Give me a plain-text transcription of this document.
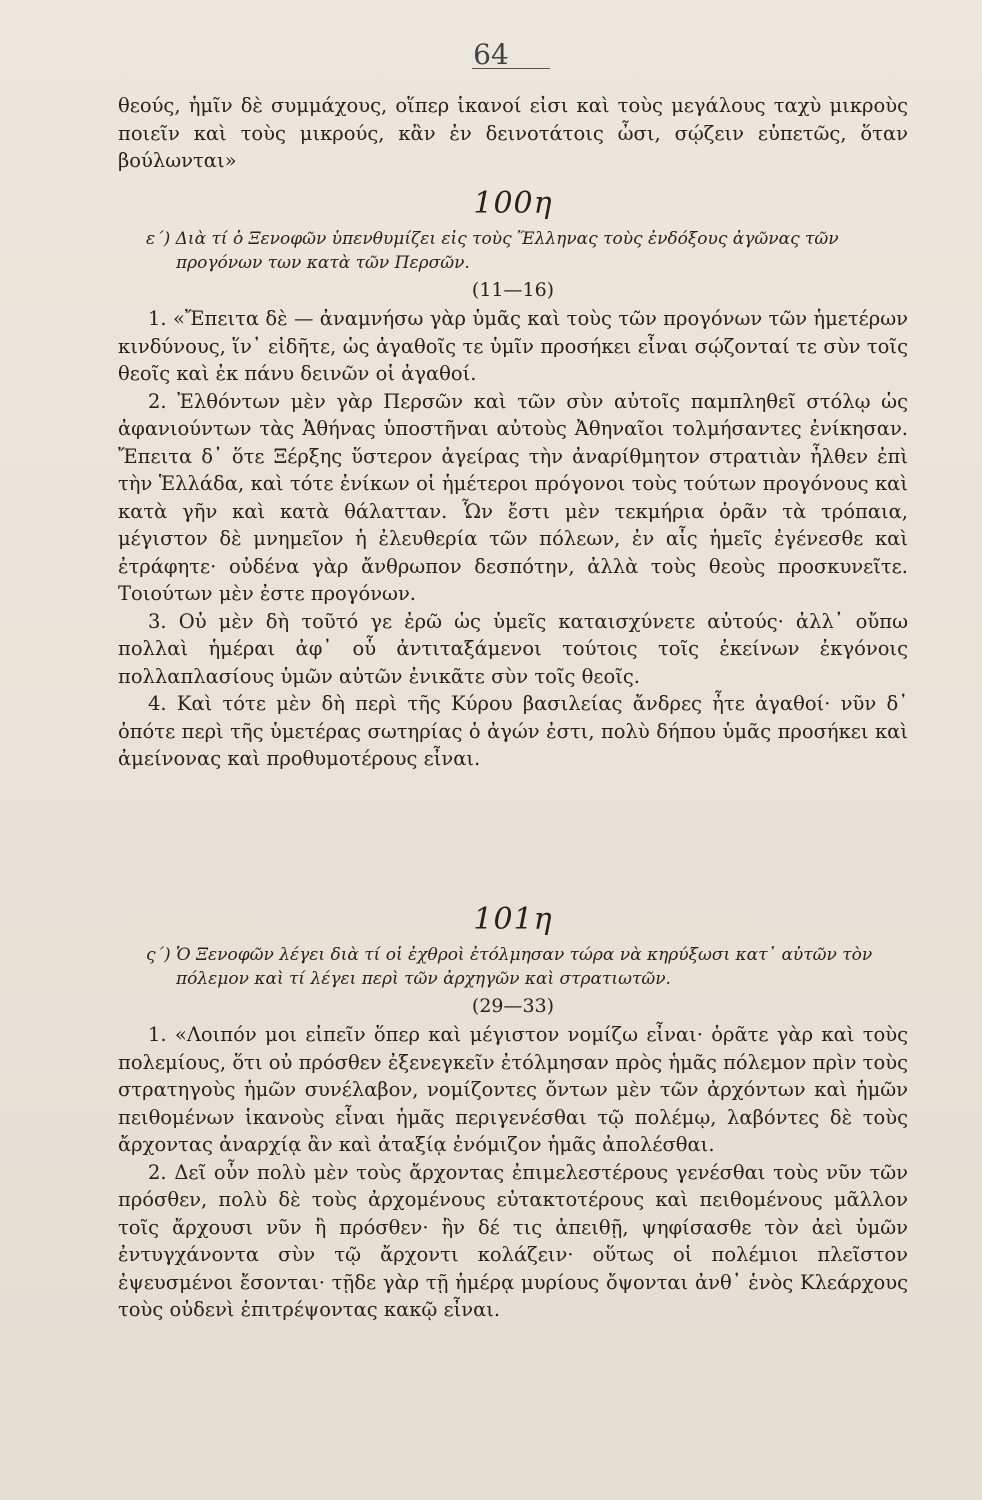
64
θεούς, ἡμῖν δὲ συμμάχους, οἵπερ ἱκανοί εἰσι καὶ τοὺς μεγάλους ταχὺ μικροὺς ποιεῖν καὶ τοὺς μικρούς, κἂν ἐν δεινοτάτοις ὦσι, σῴζειν εὐπετῶς, ὅταν βούλωνται»
100η
ε΄) Διὰ τί ὁ Ξενοφῶν ὑπενθυμίζει εἰς τοὺς Ἕλληνας τοὺς ἐνδόξους ἀγῶνας τῶν προγόνων των κατὰ τῶν Περσῶν.
(11—16)
1. «Ἔπειτα δὲ — ἀναμνήσω γὰρ ὑμᾶς καὶ τοὺς τῶν προγόνων τῶν ἡμετέρων κινδύνους, ἵν᾽ εἰδῆτε, ὡς ἀγαθοῖς τε ὑμῖν προσήκει εἶναι σῴζονταί τε σὺν τοῖς θεοῖς καὶ ἐκ πάνυ δεινῶν οἱ ἀγαθοί.
2. Ἐλθόντων μὲν γὰρ Περσῶν καὶ τῶν σὺν αὐτοῖς παμπληθεῖ στόλῳ ὡς ἀφανιούντων τὰς Ἀθήνας ὑποστῆναι αὐτοὺς Ἀθηναῖοι τολμήσαντες ἐνίκησαν. Ἔπειτα δ᾽ ὅτε Ξέρξης ὕστερον ἀγείρας τὴν ἀναρίθμητον στρατιὰν ἦλθεν ἐπὶ τὴν Ἑλλάδα, καὶ τότε ἐνίκων οἱ ἡμέτεροι πρόγονοι τοὺς τούτων προγόνους καὶ κατὰ γῆν καὶ κατὰ θάλατταν. Ὧν ἔστι μὲν τεκμήρια ὁρᾶν τὰ τρόπαια, μέγιστον δὲ μνημεῖον ἡ ἐλευθερία τῶν πόλεων, ἐν αἷς ἡμεῖς ἐγένεσθε καὶ ἐτράφητε· οὐδένα γὰρ ἄνθρωπον δεσπότην, ἀλλὰ τοὺς θεοὺς προσκυνεῖτε. Τοιούτων μὲν ἐστε προγόνων.
3. Οὐ μὲν δὴ τοῦτό γε ἐρῶ ὡς ὑμεῖς καταισχύνετε αὐτούς· ἀλλ᾽ οὔπω πολλαὶ ἡμέραι ἀφ᾽ οὗ ἀντιταξάμενοι τούτοις τοῖς ἐκείνων ἐκγόνοις πολλαπλασίους ὑμῶν αὐτῶν ἐνικᾶτε σὺν τοῖς θεοῖς.
4. Καὶ τότε μὲν δὴ περὶ τῆς Κύρου βασιλείας ἄνδρες ἦτε ἀγαθοί· νῦν δ᾽ ὁπότε περὶ τῆς ὑμετέρας σωτηρίας ὁ ἀγών ἐστι, πολὺ δήπου ὑμᾶς προσήκει καὶ ἀμείνονας καὶ προθυμοτέρους εἶναι.
101η
ς΄) Ὁ Ξενοφῶν λέγει διὰ τί οἱ ἐχθροὶ ἐτόλμησαν τώρα νὰ κηρύξωσι κατ᾽ αὐτῶν τὸν πόλεμον καὶ τί λέγει περὶ τῶν ἀρχηγῶν καὶ στρατιωτῶν.
(29—33)
1. «Λοιπόν μοι εἰπεῖν ὅπερ καὶ μέγιστον νομίζω εἶναι· ὁρᾶτε γὰρ καὶ τοὺς πολεμίους, ὅτι οὐ πρόσθεν ἐξενεγκεῖν ἐτόλμησαν πρὸς ἡμᾶς πόλεμον πρὶν τοὺς στρατηγοὺς ἡμῶν συνέλαβον, νομίζοντες ὄντων μὲν τῶν ἀρχόντων καὶ ἡμῶν πειθομένων ἱκανοὺς εἶναι ἡμᾶς περιγενέσθαι τῷ πολέμῳ, λαβόντες δὲ τοὺς ἄρχοντας ἀναρχίᾳ ἂν καὶ ἀταξίᾳ ἐνόμιζον ἡμᾶς ἀπολέσθαι.
2. Δεῖ οὖν πολὺ μὲν τοὺς ἄρχοντας ἐπιμελεστέρους γενέσθαι τοὺς νῦν τῶν πρόσθεν, πολὺ δὲ τοὺς ἀρχομένους εὐτακτοτέρους καὶ πειθομένους μᾶλλον τοῖς ἄρχουσι νῦν ἢ πρόσθεν· ἢν δέ τις ἀπειθῇ, ψηφίσασθε τὸν ἀεὶ ὑμῶν ἐντυγχάνοντα σὺν τῷ ἄρχοντι κολάζειν· οὕτως οἱ πολέμιοι πλεῖστον ἐψευσμένοι ἔσονται· τῇδε γὰρ τῇ ἡμέρᾳ μυρίους ὄψονται ἀνθ᾽ ἑνὸς Κλεάρχους τοὺς οὐδενὶ ἐπιτρέψοντας κακῷ εἶναι.
